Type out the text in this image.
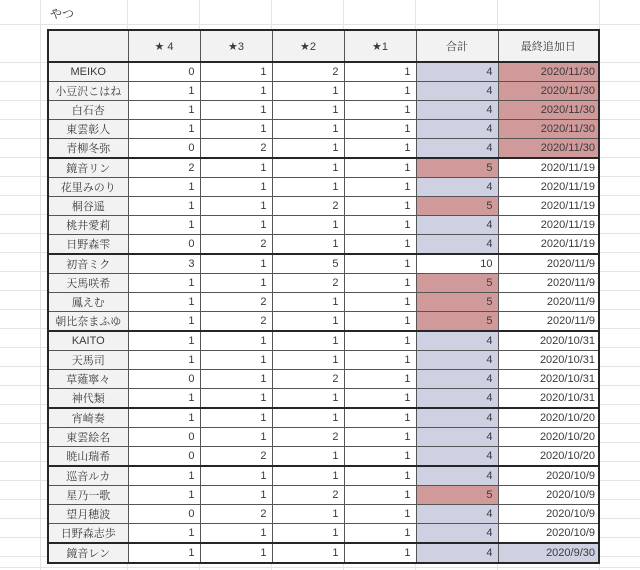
やつ
	★ 4	★3	★2	★1	合計	最終追加日
MEIKO	0	1	2	1	4	2020/11/30
小豆沢こはね	1	1	1	1	4	2020/11/30
白石杏	1	1	1	1	4	2020/11/30
東雲彰人	1	1	1	1	4	2020/11/30
青柳冬弥	0	2	1	1	4	2020/11/30
鏡音リン	2	1	1	1	5	2020/11/19
花里みのり	1	1	1	1	4	2020/11/19
桐谷遥	1	1	2	1	5	2020/11/19
桃井愛莉	1	1	1	1	4	2020/11/19
日野森雫	0	2	1	1	4	2020/11/19
初音ミク	3	1	5	1	10	2020/11/9
天馬咲希	1	1	2	1	5	2020/11/9
鳳えむ	1	2	1	1	5	2020/11/9
朝比奈まふゆ	1	2	1	1	5	2020/11/9
KAITO	1	1	1	1	4	2020/10/31
天馬司	1	1	1	1	4	2020/10/31
草薙寧々	0	1	2	1	4	2020/10/31
神代類	1	1	1	1	4	2020/10/31
宵崎奏	1	1	1	1	4	2020/10/20
東雲絵名	0	1	2	1	4	2020/10/20
暁山瑞希	0	2	1	1	4	2020/10/20
巡音ルカ	1	1	1	1	4	2020/10/9
星乃一歌	1	1	2	1	5	2020/10/9
望月穂波	0	2	1	1	4	2020/10/9
日野森志歩	1	1	1	1	4	2020/10/9
鏡音レン	1	1	1	1	4	2020/9/30
